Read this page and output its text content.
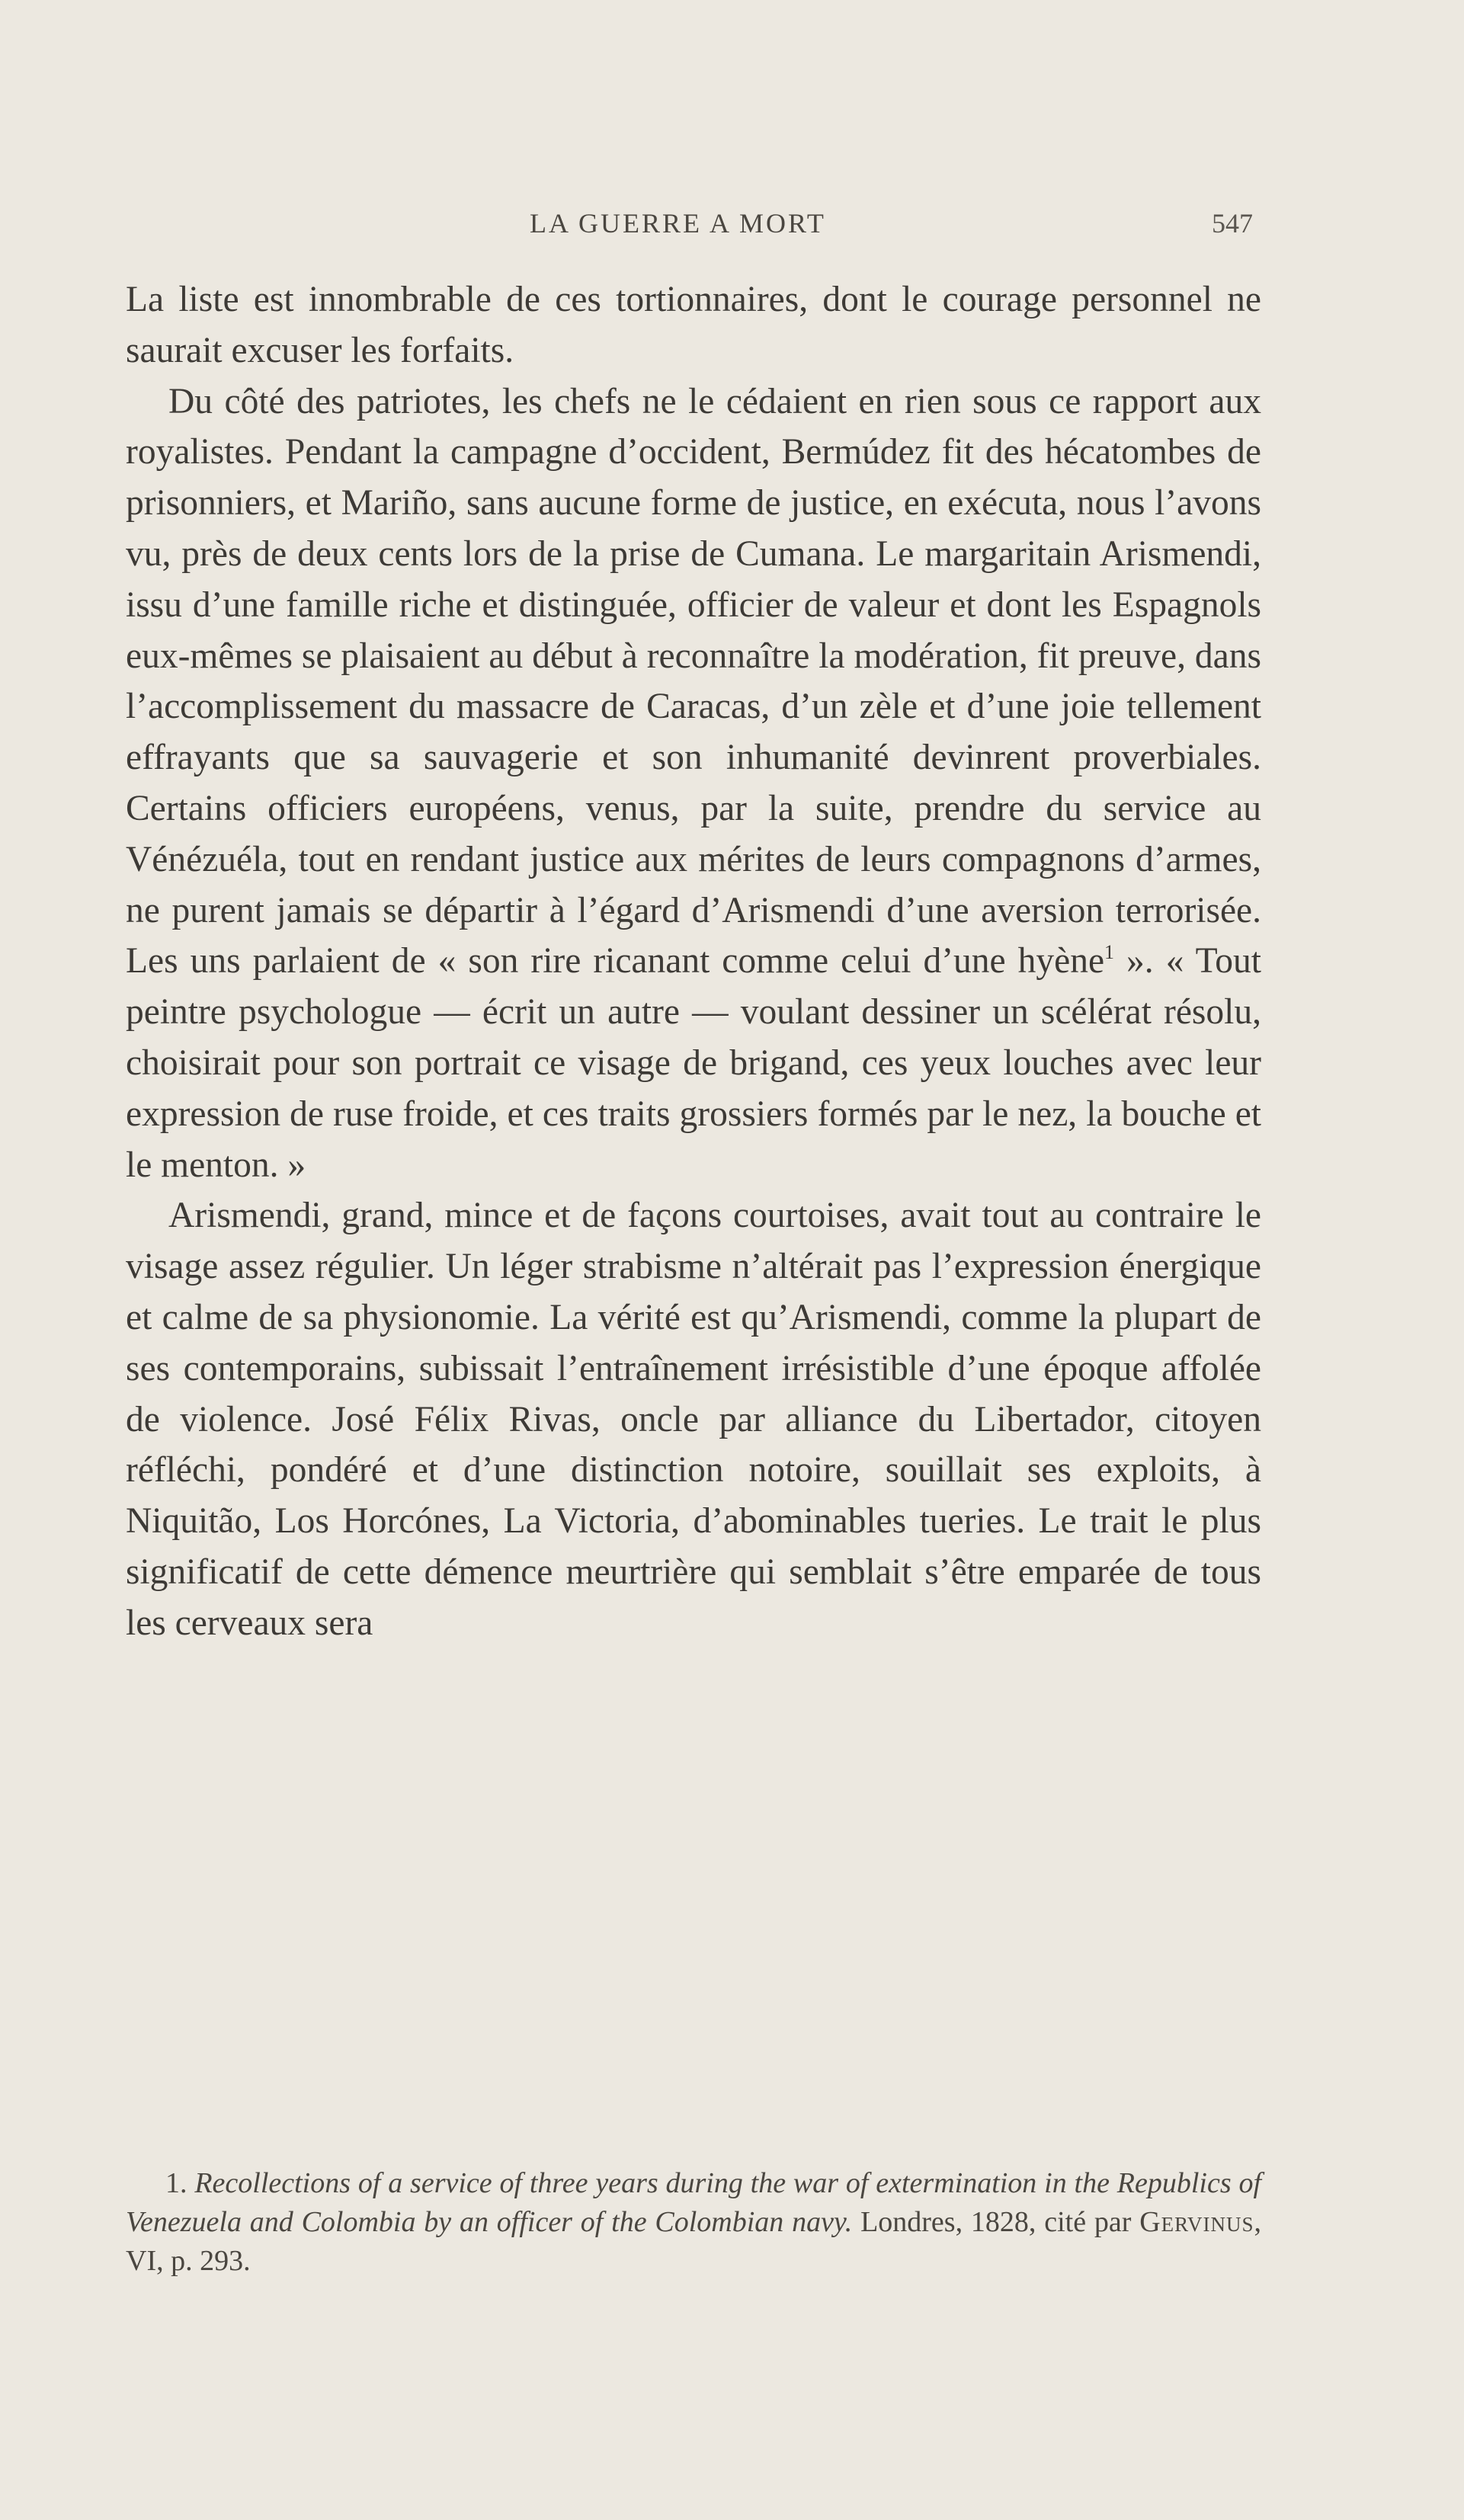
LA GUERRE A MORT	547

La liste est innombrable de ces tortionnaires, dont le courage personnel ne saurait excuser les forfaits.

Du côté des patriotes, les chefs ne le cédaient en rien sous ce rapport aux royalistes. Pendant la campagne d’occident, Bermúdez fit des hécatombes de prisonniers, et Mariño, sans aucune forme de justice, en exécuta, nous l’avons vu, près de deux cents lors de la prise de Cumana. Le margaritain Arismendi, issu d’une famille riche et distinguée, officier de valeur et dont les Espagnols eux-mêmes se plaisaient au début à reconnaître la modération, fit preuve, dans l’accomplissement du massacre de Caracas, d’un zèle et d’une joie tellement effrayants que sa sauvagerie et son inhumanité devinrent proverbiales. Certains officiers européens, venus, par la suite, prendre du service au Vénézuéla, tout en rendant justice aux mérites de leurs compagnons d’armes, ne purent jamais se départir à l’égard d’Arismendi d’une aversion terrorisée. Les uns parlaient de « son rire ricanant comme celui d’une hyène$^1$ ». « Tout peintre psychologue — écrit un autre — voulant dessiner un scélérat résolu, choisirait pour son portrait ce visage de brigand, ces yeux louches avec leur expression de ruse froide, et ces traits grossiers formés par le nez, la bouche et le menton. »

Arismendi, grand, mince et de façons courtoises, avait tout au contraire le visage assez régulier. Un léger strabisme n’altérait pas l’expression énergique et calme de sa physionomie. La vérité est qu’Arismendi, comme la plupart de ses contemporains, subissait l’entraînement irrésistible d’une époque affolée de violence. José Félix Rivas, oncle par alliance du Libertador, citoyen réfléchi, pondéré et d’une distinction notoire, souillait ses exploits, à Niquitão, Los Horcónes, La Victoria, d’abominables tueries. Le trait le plus significatif de cette démence meurtrière qui semblait s’être emparée de tous les cerveaux sera

1. Recollections of a service of three years during the war of extermination in the Republics of Venezuela and Colombia by an officer of the Colombian navy. Londres, 1828, cité par Gervinus, VI, p. 293.
